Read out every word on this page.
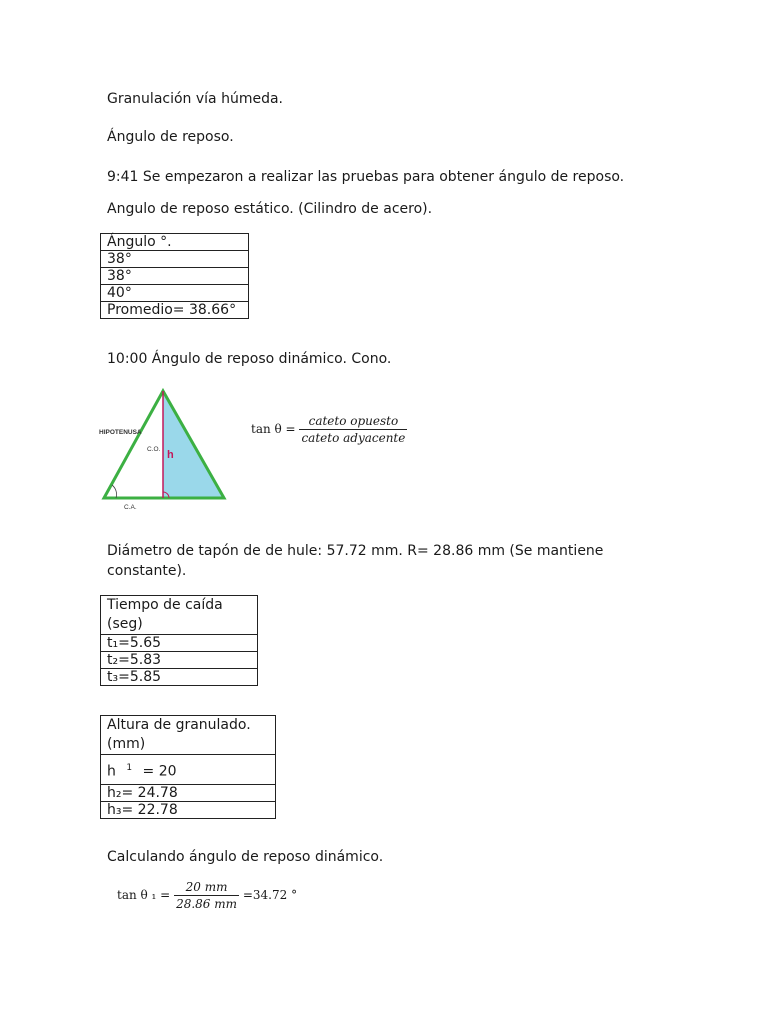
Granulación vía húmeda.
Ángulo de reposo.
9:41 Se empezaron a realizar las pruebas para obtener ángulo de reposo.
Angulo de reposo estático. (Cilindro de acero).
Ángulo °.
38°
38°
40°
Promedio= 38.66°
10:00 Ángulo de reposo dinámico. Cono.
HIPOTENUSA
C.O. h
C.A.
$\tan \theta = \frac{\text{cateto opuesto}}{\text{cateto adyacente}}$
Diámetro de tapón de de hule: 57.72 mm. R= 28.86 mm (Se mantiene
constante).
Tiempo de caída
(seg)
t₁=5.65
t₂=5.83
t₃=5.85
Altura de granulado.
(mm)
h $^1$ = 20
h₂= 24.78
h₃= 22.78
Calculando ángulo de reposo dinámico.
tan θ $_1 = \frac{20 mm}{28.86 mm} =34.72$ °
